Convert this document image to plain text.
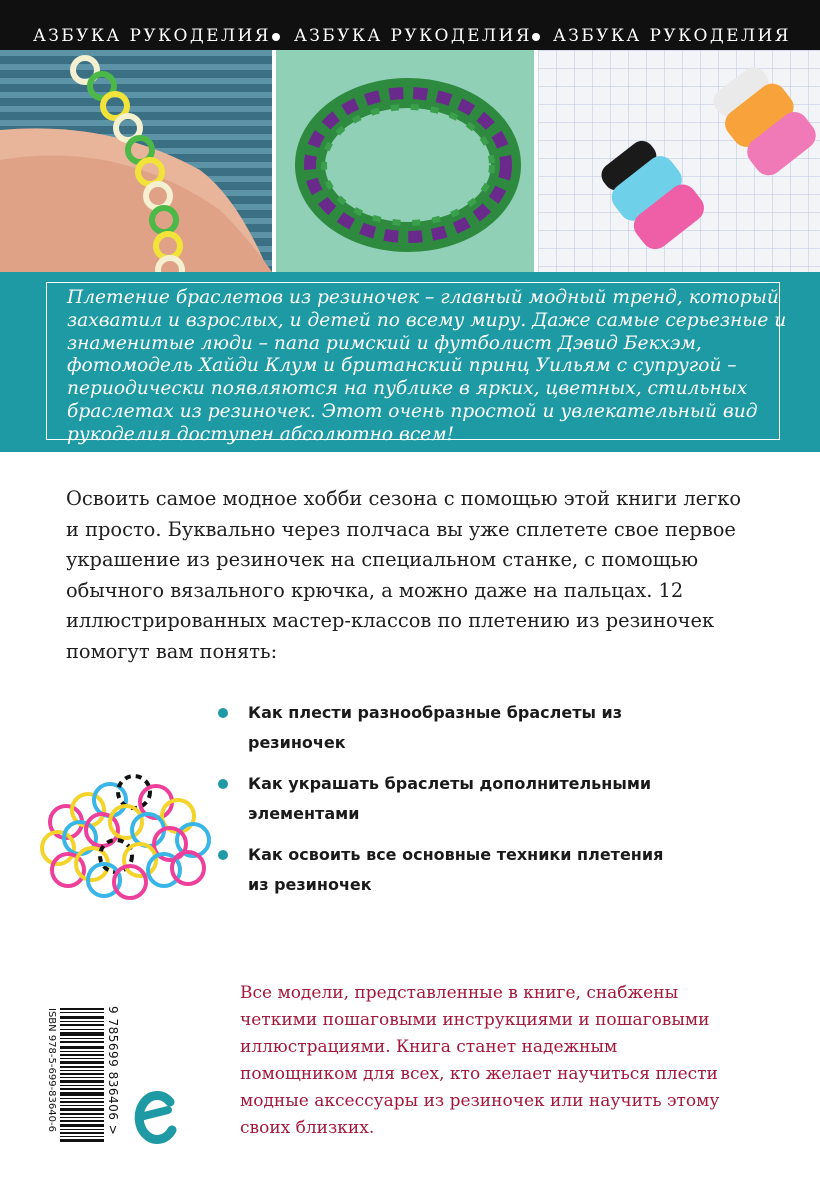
АЗБУКА РУКОДЕЛИЯ АЗБУКА РУКОДЕЛИЯ АЗБУКА РУКОДЕЛИЯ
Плетение браслетов из резиночек – главный модный тренд, который захватил и взрослых, и детей по всему миру. Даже самые серьезные и знаменитые люди – папа римский и футболист Дэвид Бекхэм, фотомодель Хайди Клум и британский принц Уильям с супругой – периодически появляются на публике в ярких, цветных, стильных браслетах из резиночек. Этот очень простой и увлекательный вид рукоделия доступен абсолютно всем!
Освоить самое модное хобби сезона с помощью этой книги легко и просто. Буквально через полчаса вы уже сплетете свое первое украшение из резиночек на специальном станке, с помощью обычного вязального крючка, а можно даже на пальцах. 12 иллюстрированных мастер-классов по плетению из резиночек помогут вам понять:
Как плести разнообразные браслеты из резиночек
Как украшать браслеты дополнительными элементами
Как освоить все основные техники плетения из резиночек
Все модели, представленные в книге, снабжены четкими пошаговыми инструкциями и пошаговыми иллюстрациями. Книга станет надежным помощником для всех, кто желает научиться плести модные аксессуары из резиночек или научить этому своих близких.
ISBN 978-5-699-83640-6	9 785699 836406 >
